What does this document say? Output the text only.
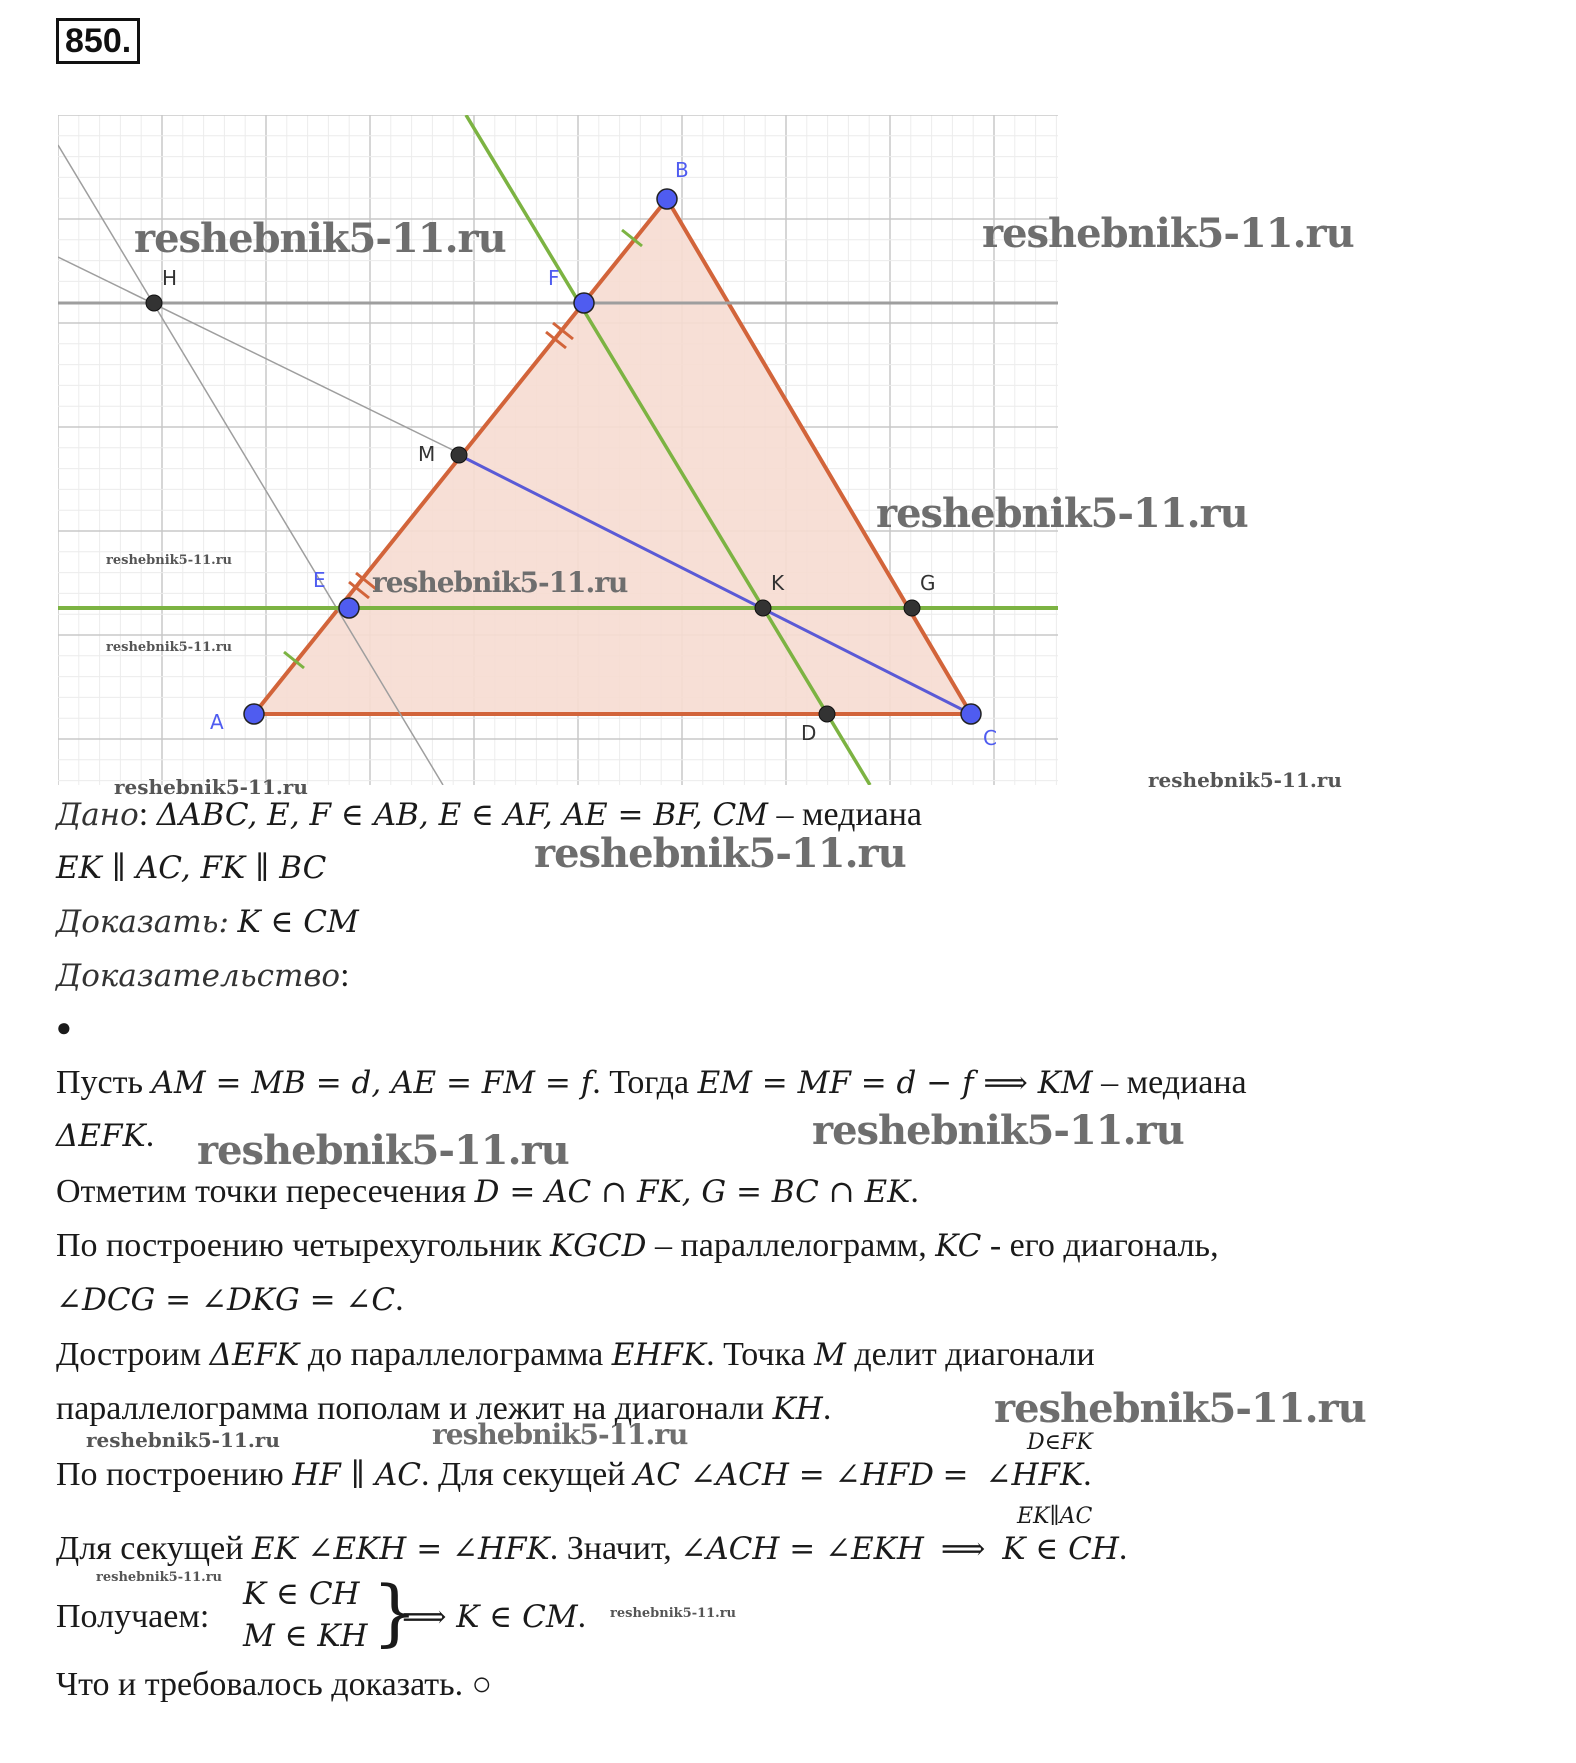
850.
A
B
C
E
F
H
M
K	G
D
reshebnik5-11.ru	reshebnik5-11.ru
reshebnik5-11.ru
reshebnik5-11.ru
reshebnik5-11.ru
reshebnik5-11.ru
reshebnik5-11.ru	reshebnik5-11.ru
reshebnik5-11.ru
reshebnik5-11.ru	reshebnik5-11.ru
reshebnik5-11.ru
reshebnik5-11.ru	reshebnik5-11.ru
reshebnik5-11.ru
reshebnik5-11.ru
Дано: ΔABC, E, F ∈ AB, E ∈ AF, AE = BF, CM – медиана
EK ∥ AC, FK ∥ BC
Доказать: K ∈ CM
Доказательство:
●
Пусть AM = MB = d, AE = FM = f. Тогда EM = MF = d − f ⟹ KM – медиана
ΔEFK.
Отметим точки пересечения D = AC ∩ FK, G = BC ∩ EK.
По построению четырехугольник KGCD – параллелограмм, KC - его диагональ,
∠DCG = ∠DKG = ∠C.
Достроим ΔEFK до параллелограмма EHFK. Точка M делит диагонали
параллелограмма пополам и лежит на диагонали KH.
По построению HF ∥ AC. Для секущей AC ∠ACH = ∠HFD = ∠HFK.
D∈FK
Для секущей EK ∠EKH = ∠HFK. Значит, ∠ACH = ∠EKH ⟹ K ∈ CH.
EK∥AC
Получаем:
K ∈ CH
M ∈ KH }
⟹ K ∈ CM.
Что и требовалось доказать. ○
